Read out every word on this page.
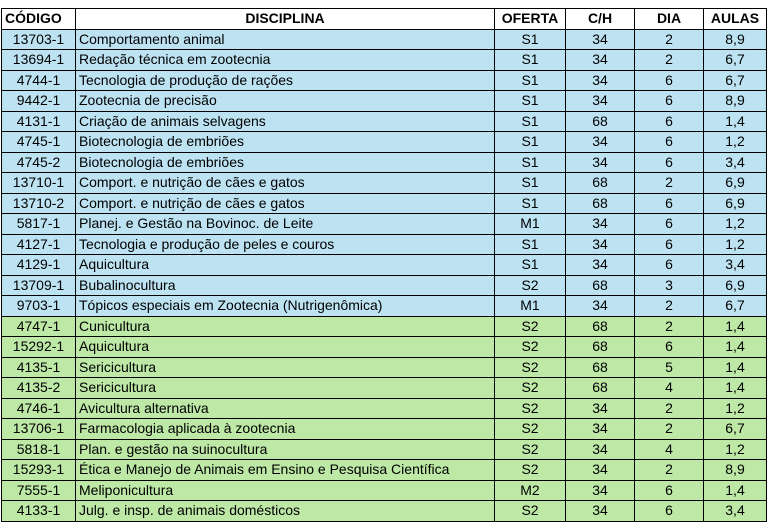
CÓDIGO	DISCIPLINA	OFERTA	C/H	DIA	AULAS
13703-1	Comportamento animal	S1	34	2	8,9
13694-1	Redação técnica em zootecnia	S1	34	2	6,7
4744-1	Tecnologia de produção de rações	S1	34	6	6,7
9442-1	Zootecnia de precisão	S1	34	6	8,9
4131-1	Criação de animais selvagens	S1	68	6	1,4
4745-1	Biotecnologia de embriões	S1	34	6	1,2
4745-2	Biotecnologia de embriões	S1	34	6	3,4
13710-1	Comport. e nutrição de cães e gatos	S1	68	2	6,9
13710-2	Comport. e nutrição de cães e gatos	S1	68	6	6,9
5817-1	Planej. e Gestão na Bovinoc. de Leite	M1	34	6	1,2
4127-1	Tecnologia e produção de peles e couros	S1	34	6	1,2
4129-1	Aquicultura	S1	34	6	3,4
13709-1	Bubalinocultura	S2	68	3	6,9
9703-1	Tópicos especiais em Zootecnia (Nutrigenômica)	M1	34	2	6,7
4747-1	Cunicultura	S2	68	2	1,4
15292-1	Aquicultura	S2	68	6	1,4
4135-1	Sericicultura	S2	68	5	1,4
4135-2	Sericicultura	S2	68	4	1,4
4746-1	Avicultura alternativa	S2	34	2	1,2
13706-1	Farmacologia aplicada à zootecnia	S2	34	2	6,7
5818-1	Plan. e gestão na suinocultura	S2	34	4	1,2
15293-1	Ética e Manejo de Animais em Ensino e Pesquisa Científica	S2	34	2	8,9
7555-1	Meliponicultura	M2	34	6	1,4
4133-1	Julg. e insp. de animais domésticos	S2	34	6	3,4
